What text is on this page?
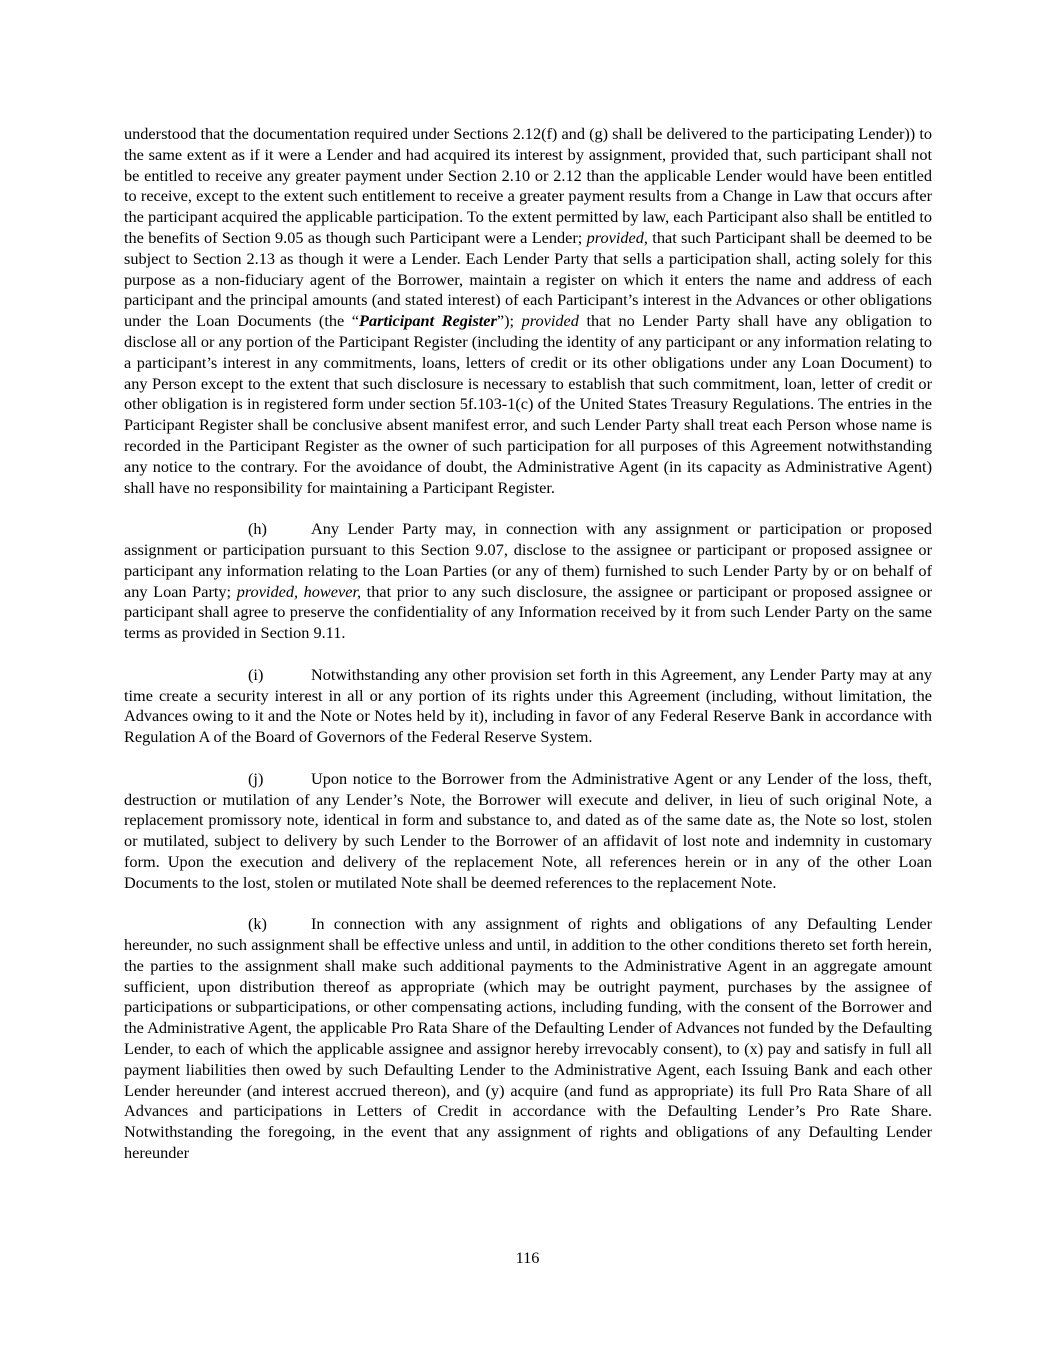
understood that the documentation required under Sections 2.12(f) and (g) shall be delivered to the participating Lender)) to the same extent as if it were a Lender and had acquired its interest by assignment, provided that, such participant shall not be entitled to receive any greater payment under Section 2.10 or 2.12 than the applicable Lender would have been entitled to receive, except to the extent such entitlement to receive a greater payment results from a Change in Law that occurs after the participant acquired the applicable participation. To the extent permitted by law, each Participant also shall be entitled to the benefits of Section 9.05 as though such Participant were a Lender; provided, that such Participant shall be deemed to be subject to Section 2.13 as though it were a Lender. Each Lender Party that sells a participation shall, acting solely for this purpose as a non-fiduciary agent of the Borrower, maintain a register on which it enters the name and address of each participant and the principal amounts (and stated interest) of each Participant’s interest in the Advances or other obligations under the Loan Documents (the “Participant Register”); provided that no Lender Party shall have any obligation to disclose all or any portion of the Participant Register (including the identity of any participant or any information relating to a participant’s interest in any commitments, loans, letters of credit or its other obligations under any Loan Document) to any Person except to the extent that such disclosure is necessary to establish that such commitment, loan, letter of credit or other obligation is in registered form under section 5f.103-1(c) of the United States Treasury Regulations. The entries in the Participant Register shall be conclusive absent manifest error, and such Lender Party shall treat each Person whose name is recorded in the Participant Register as the owner of such participation for all purposes of this Agreement notwithstanding any notice to the contrary. For the avoidance of doubt, the Administrative Agent (in its capacity as Administrative Agent) shall have no responsibility for maintaining a Participant Register.

(h)	Any Lender Party may, in connection with any assignment or participation or proposed assignment or participation pursuant to this Section 9.07, disclose to the assignee or participant or proposed assignee or participant any information relating to the Loan Parties (or any of them) furnished to such Lender Party by or on behalf of any Loan Party; provided, however, that prior to any such disclosure, the assignee or participant or proposed assignee or participant shall agree to preserve the confidentiality of any Information received by it from such Lender Party on the same terms as provided in Section 9.11.

(i)	Notwithstanding any other provision set forth in this Agreement, any Lender Party may at any time create a security interest in all or any portion of its rights under this Agreement (including, without limitation, the Advances owing to it and the Note or Notes held by it), including in favor of any Federal Reserve Bank in accordance with Regulation A of the Board of Governors of the Federal Reserve System.

(j)	Upon notice to the Borrower from the Administrative Agent or any Lender of the loss, theft, destruction or mutilation of any Lender’s Note, the Borrower will execute and deliver, in lieu of such original Note, a replacement promissory note, identical in form and substance to, and dated as of the same date as, the Note so lost, stolen or mutilated, subject to delivery by such Lender to the Borrower of an affidavit of lost note and indemnity in customary form. Upon the execution and delivery of the replacement Note, all references herein or in any of the other Loan Documents to the lost, stolen or mutilated Note shall be deemed references to the replacement Note.

(k)	In connection with any assignment of rights and obligations of any Defaulting Lender hereunder, no such assignment shall be effective unless and until, in addition to the other conditions thereto set forth herein, the parties to the assignment shall make such additional payments to the Administrative Agent in an aggregate amount sufficient, upon distribution thereof as appropriate (which may be outright payment, purchases by the assignee of participations or subparticipations, or other compensating actions, including funding, with the consent of the Borrower and the Administrative Agent, the applicable Pro Rata Share of the Defaulting Lender of Advances not funded by the Defaulting Lender, to each of which the applicable assignee and assignor hereby irrevocably consent), to (x) pay and satisfy in full all payment liabilities then owed by such Defaulting Lender to the Administrative Agent, each Issuing Bank and each other Lender hereunder (and interest accrued thereon), and (y) acquire (and fund as appropriate) its full Pro Rata Share of all Advances and participations in Letters of Credit in accordance with the Defaulting Lender’s Pro Rate Share. Notwithstanding the foregoing, in the event that any assignment of rights and obligations of any Defaulting Lender hereunder

116
